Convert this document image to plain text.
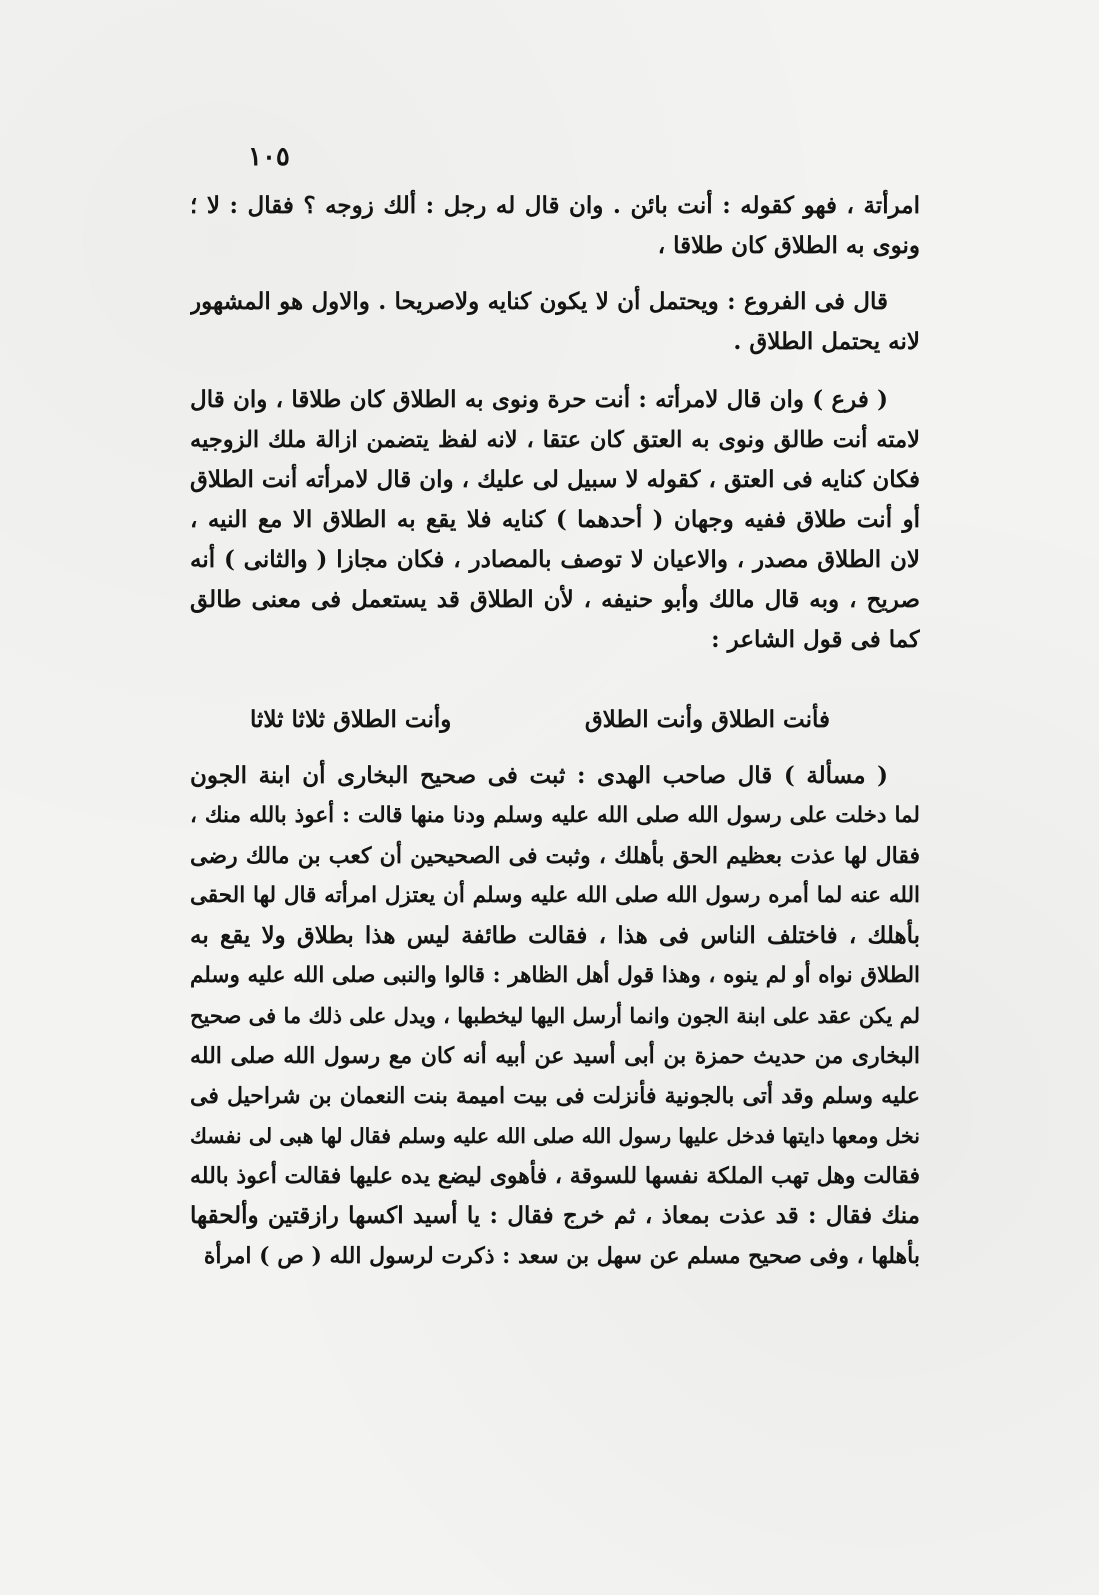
١٠٥
امرأتة ، فهو كقوله : أنت بائن . وان قال له رجل : ألك زوجه ؟ فقال : لا ؛
ونوى به الطلاق كان طلاقا ،
قال فى الفروع : ويحتمل أن لا يكون كنايه ولاصريحا . والاول هو المشهور
لانه يحتمل الطلاق .
( فرع ) وان قال لامرأته : أنت حرة ونوى به الطلاق كان طلاقا ، وان قال
لامته أنت طالق ونوى به العتق كان عتقا ، لانه لفظ يتضمن ازالة ملك الزوجيه
فكان كنايه فى العتق ، كقوله لا سبيل لى عليك ، وان قال لامرأته أنت الطلاق
أو أنت طلاق ففيه وجهان ( أحدهما ) كنايه فلا يقع به الطلاق الا مع النيه ،
لان الطلاق مصدر ، والاعيان لا توصف بالمصادر ، فكان مجازا ( والثانى ) أنه
صريح ، وبه قال مالك وأبو حنيفه ، لأن الطلاق قد يستعمل فى معنى طالق
كما فى قول الشاعر :
فأنت الطلاق وأنت الطلاق
وأنت الطلاق ثلاثا ثلاثا
( مسألة ) قال صاحب الهدى : ثبت فى صحيح البخارى أن ابنة الجون
لما دخلت على رسول الله صلى الله عليه وسلم ودنا منها قالت : أعوذ بالله منك ،
فقال لها عذت بعظيم الحق بأهلك ، وثبت فى الصحيحين أن كعب بن مالك رضى
الله عنه لما أمره رسول الله صلى الله عليه وسلم أن يعتزل امرأته قال لها الحقى
بأهلك ، فاختلف الناس فى هذا ، فقالت طائفة ليس هذا بطلاق ولا يقع به
الطلاق نواه أو لم ينوه ، وهذا قول أهل الظاهر : قالوا والنبى صلى الله عليه وسلم
لم يكن عقد على ابنة الجون وانما أرسل اليها ليخطبها ، ويدل على ذلك ما فى صحيح
البخارى من حديث حمزة بن أبى أسيد عن أبيه أنه كان مع رسول الله صلى الله
عليه وسلم وقد أتى بالجونية فأنزلت فى بيت اميمة بنت النعمان بن شراحيل فى
نخل ومعها دايتها فدخل عليها رسول الله صلى الله عليه وسلم فقال لها هبى لى نفسك
فقالت وهل تهب الملكة نفسها للسوقة ، فأهوى ليضع يده عليها فقالت أعوذ بالله
منك فقال : قد عذت بمعاذ ، ثم خرج فقال : يا أسيد اكسها رازقتين وألحقها
بأهلها ، وفى صحيح مسلم عن سهل بن سعد : ذكرت لرسول الله ( ص ) امرأة
